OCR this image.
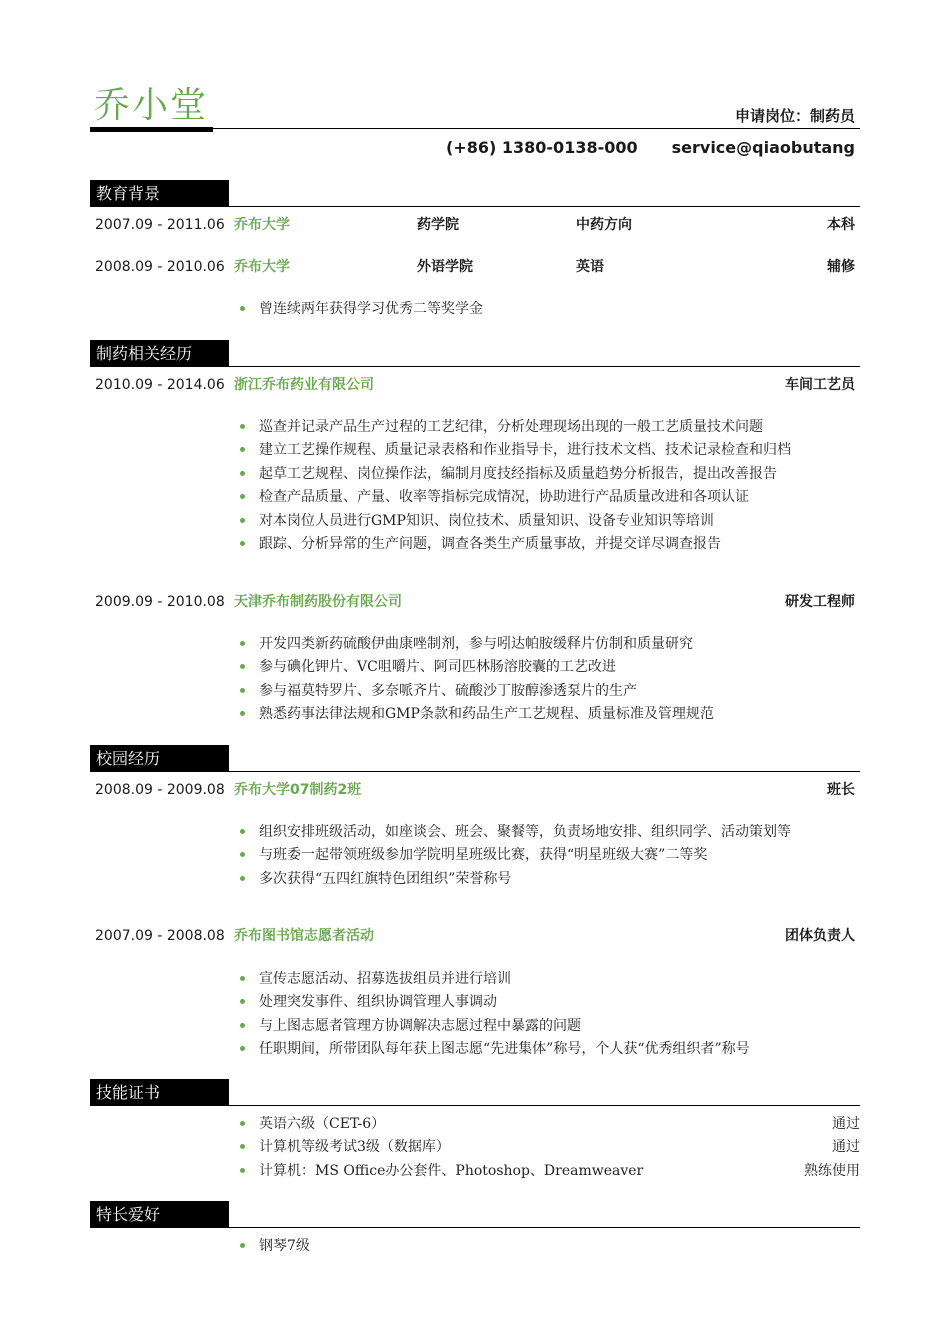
乔小堂	申请岗位：制药员
(+86) 1380-0138-000 service@qiaobutang
教育背景
2007.09 - 2011.06 乔布大学	药学院	中药方向	本科
2008.09 - 2010.06 乔布大学	外语学院	英语	辅修
曾连续两年获得学习优秀二等奖学金
制药相关经历
2010.09 - 2014.06 浙江乔布药业有限公司	车间工艺员
巡查并记录产品生产过程的工艺纪律，分析处理现场出现的一般工艺质量技术问题
建立工艺操作规程、质量记录表格和作业指导卡，进行技术文档、技术记录检查和归档
起草工艺规程、岗位操作法，编制月度技经指标及质量趋势分析报告，提出改善报告
检查产品质量、产量、收率等指标完成情况，协助进行产品质量改进和各项认证
对本岗位人员进行GMP知识、岗位技术、质量知识、设备专业知识等培训
跟踪、分析异常的生产问题，调查各类生产质量事故，并提交详尽调查报告
2009.09 - 2010.08 天津乔布制药股份有限公司	研发工程师
开发四类新药硫酸伊曲康唑制剂，参与吲达帕胺缓释片仿制和质量研究
参与碘化钾片、VC咀嚼片、阿司匹林肠溶胶囊的工艺改进
参与福莫特罗片、多奈哌齐片、硫酸沙丁胺醇渗透泵片的生产
熟悉药事法律法规和GMP条款和药品生产工艺规程、质量标准及管理规范
校园经历
2008.09 - 2009.08 乔布大学07制药2班	班长
组织安排班级活动，如座谈会、班会、聚餐等，负责场地安排、组织同学、活动策划等
与班委一起带领班级参加学院明星班级比赛，获得“明星班级大赛”二等奖
多次获得“五四红旗特色团组织”荣誉称号
2007.09 - 2008.08 乔布图书馆志愿者活动	团体负责人
宣传志愿活动、招募选拔组员并进行培训
处理突发事件、组织协调管理人事调动
与上图志愿者管理方协调解决志愿过程中暴露的问题
任职期间，所带团队每年获上图志愿“先进集体”称号，个人获“优秀组织者”称号
技能证书
英语六级（CET-6）	通过
计算机等级考试3级（数据库）	通过
计算机：MS Office办公套件、Photoshop、Dreamweaver	熟练使用
特长爱好
钢琴7级
